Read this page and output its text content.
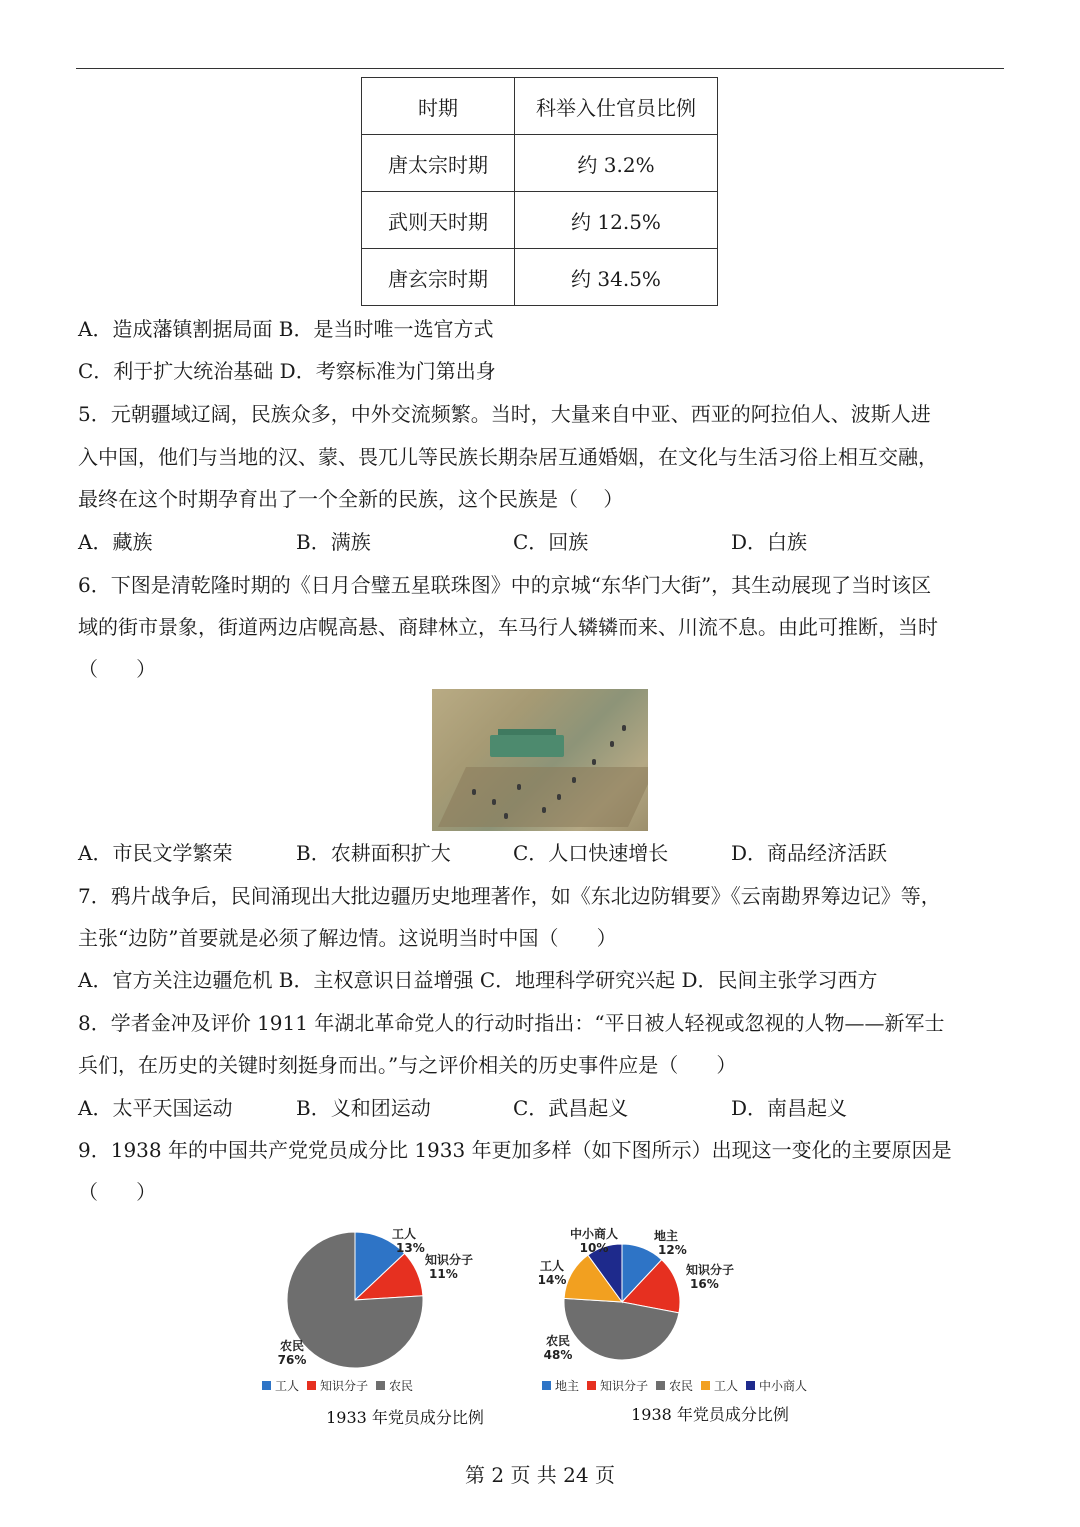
时期	科举入仕官员比例
唐太宗时期	约 3.2%
武则天时期	约 12.5%
唐玄宗时期	约 34.5%
A．造成藩镇割据局面 B．是当时唯一选官方式
C．利于扩大统治基础 D．考察标准为门第出身
5．元朝疆域辽阔，民族众多，中外交流频繁。当时，大量来自中亚、西亚的阿拉伯人、波斯人进
入中国，他们与当地的汉、蒙、畏兀儿等民族长期杂居互通婚姻，在文化与生活习俗上相互交融，
最终在这个时期孕育出了一个全新的民族，这个民族是（    ）
A．藏族	B．满族	C．回族	D．白族
6．下图是清乾隆时期的《日月合璧五星联珠图》中的京城“东华门大街”，其生动展现了当时该区
域的街市景象，街道两边店幌高悬、商肆林立，车马行人辚辚而来、川流不息。由此可推断，当时
（      ）
A．市民文学繁荣	B．农耕面积扩大	C．人口快速增长	D．商品经济活跃
7．鸦片战争后，民间涌现出大批边疆历史地理著作，如《东北边防辑要》《云南勘界筹边记》等，
主张“边防”首要就是必须了解边情。这说明当时中国（      ）
A．官方关注边疆危机 B．主权意识日益增强 C．地理科学研究兴起 D．民间主张学习西方
8．学者金冲及评价 1911 年湖北革命党人的行动时指出：“平日被人轻视或忽视的人物——新军士
兵们，在历史的关键时刻挺身而出。”与之评价相关的历史事件应是（      ）
A．太平天国运动	B．义和团运动	C．武昌起义	D．南昌起义
9．1938 年的中国共产党党员成分比 1933 年更加多样（如下图所示）出现这一变化的主要原因是
（      ）
工人
13%
知识分子
11%
农民
76%
工人 知识分子 农民
1933 年党员成分比例
地主
12%
知识分子
16%
农民
48%
工人
14%
中小商人
10%
地主 知识分子 农民 工人 中小商人
1938 年党员成分比例
第 2 页 共 24 页
